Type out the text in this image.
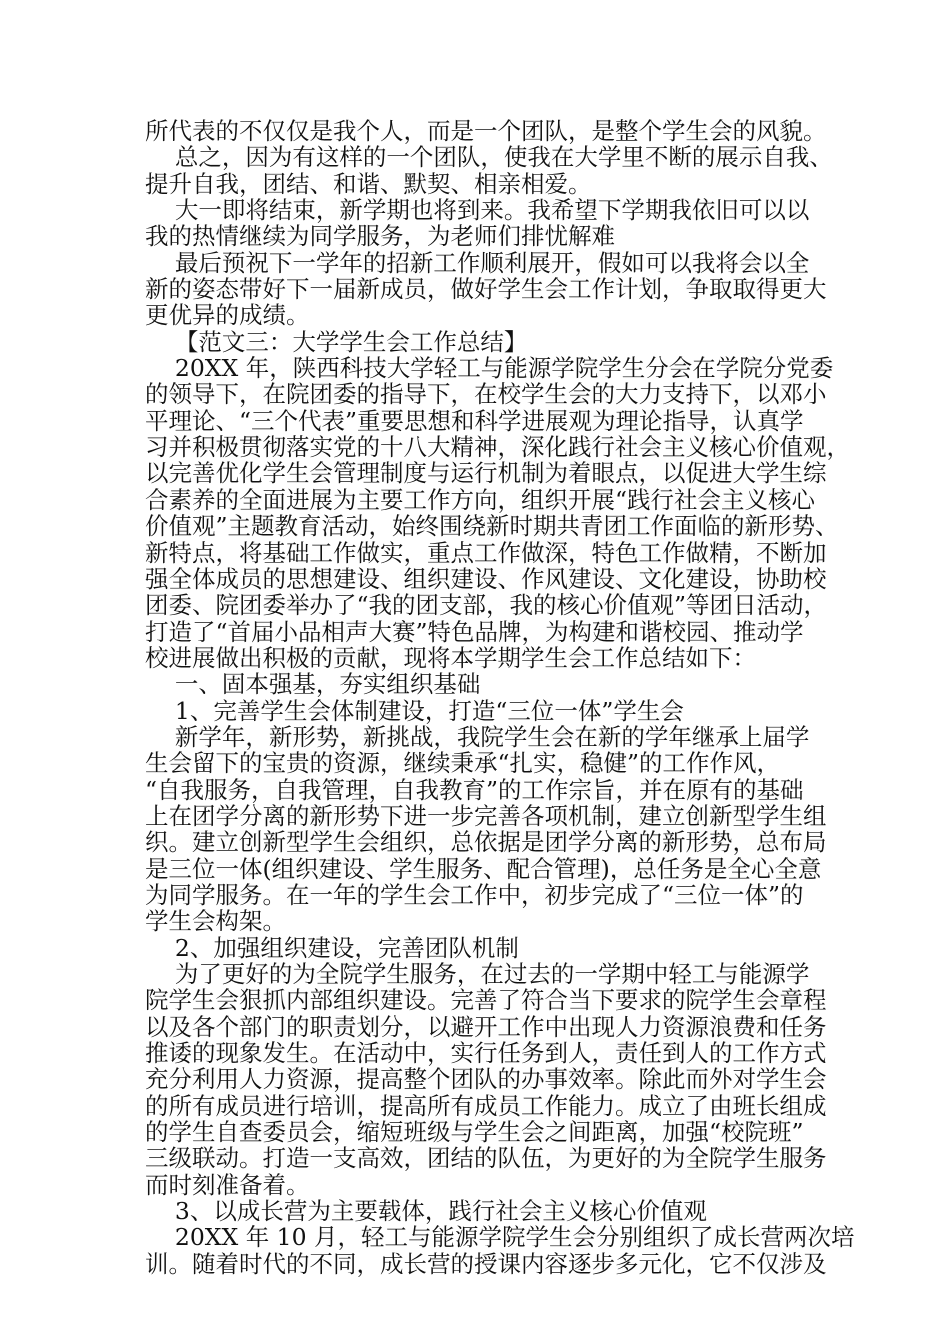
所代表的不仅仅是我个人，而是一个团队，是整个学生会的风貌。
总之，因为有这样的一个团队，使我在大学里不断的展示自我、
提升自我，团结、和谐、默契、相亲相爱。
大一即将结束，新学期也将到来。我希望下学期我依旧可以以
我的热情继续为同学服务，为老师们排忧解难
最后预祝下一学年的招新工作顺利展开，假如可以我将会以全
新的姿态带好下一届新成员，做好学生会工作计划，争取取得更大
更优异的成绩。
【范文三：大学学生会工作总结】
20XX 年，陕西科技大学轻工与能源学院学生分会在学院分党委
的领导下，在院团委的指导下，在校学生会的大力支持下，以邓小
平理论、“三个代表”重要思想和科学进展观为理论指导，认真学
习并积极贯彻落实党的十八大精神，深化践行社会主义核心价值观，
以完善优化学生会管理制度与运行机制为着眼点，以促进大学生综
合素养的全面进展为主要工作方向，组织开展“践行社会主义核心
价值观”主题教育活动，始终围绕新时期共青团工作面临的新形势、
新特点，将基础工作做实，重点工作做深，特色工作做精，不断加
强全体成员的思想建设、组织建设、作风建设、文化建设，协助校
团委、院团委举办了“我的团支部，我的核心价值观”等团日活动，
打造了“首届小品相声大赛”特色品牌，为构建和谐校园、推动学
校进展做出积极的贡献，现将本学期学生会工作总结如下：
一、固本强基，夯实组织基础
1、完善学生会体制建设，打造“三位一体”学生会
新学年，新形势，新挑战，我院学生会在新的学年继承上届学
生会留下的宝贵的资源，继续秉承“扎实，稳健”的工作作风，
“自我服务，自我管理，自我教育”的工作宗旨，并在原有的基础
上在团学分离的新形势下进一步完善各项机制，建立创新型学生组
织。建立创新型学生会组织，总依据是团学分离的新形势，总布局
是三位一体(组织建设、学生服务、配合管理)，总任务是全心全意
为同学服务。在一年的学生会工作中，初步完成了“三位一体”的
学生会构架。
2、加强组织建设，完善团队机制
为了更好的为全院学生服务，在过去的一学期中轻工与能源学
院学生会狠抓内部组织建设。完善了符合当下要求的院学生会章程
以及各个部门的职责划分，以避开工作中出现人力资源浪费和任务
推诿的现象发生。在活动中，实行任务到人，责任到人的工作方式
充分利用人力资源，提高整个团队的办事效率。除此而外对学生会
的所有成员进行培训，提高所有成员工作能力。成立了由班长组成
的学生自查委员会，缩短班级与学生会之间距离，加强“校院班”
三级联动。打造一支高效，团结的队伍，为更好的为全院学生服务
而时刻准备着。
3、以成长营为主要载体，践行社会主义核心价值观
20XX 年 10 月，轻工与能源学院学生会分别组织了成长营两次培
训。随着时代的不同，成长营的授课内容逐步多元化，它不仅涉及
